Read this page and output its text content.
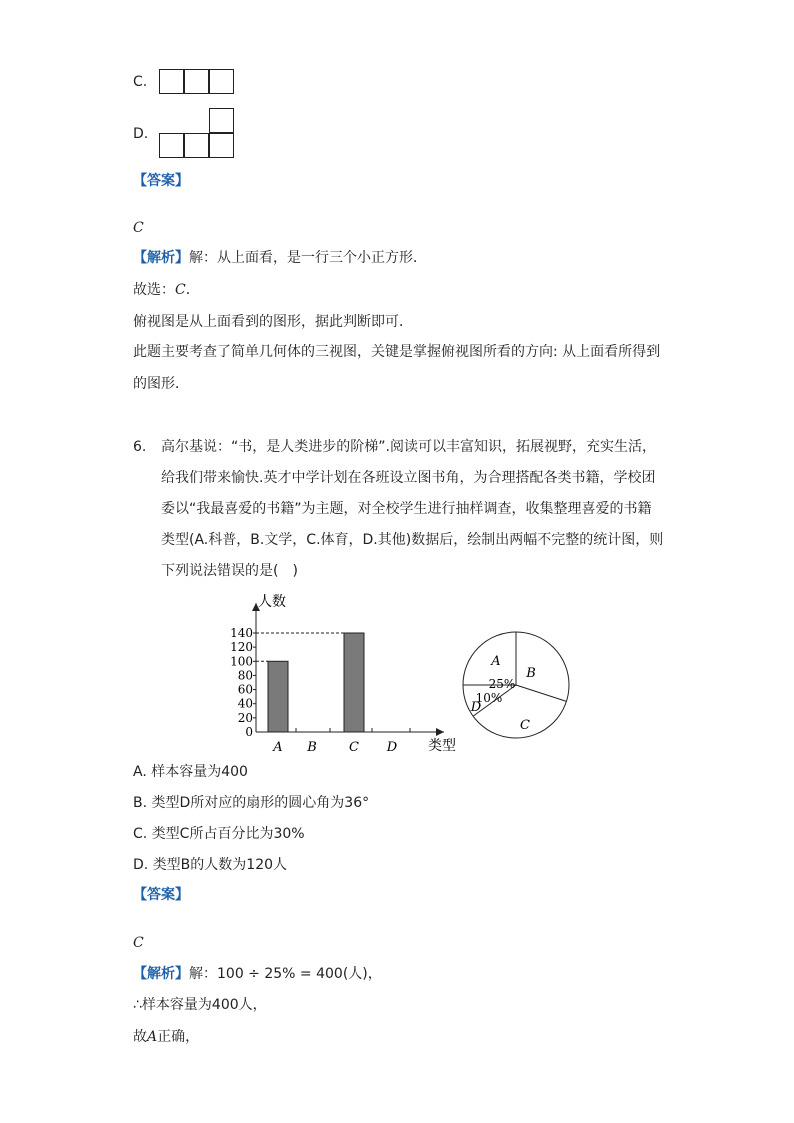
C.
D.
【答案】
C
【解析】解：从上面看，是一行三个小正方形．
故选：C．
俯视图是从上面看到的图形，据此判断即可．
此题主要考查了简单几何体的三视图，关键是掌握俯视图所看的方向: 从上面看所得到
的图形．
6. 高尔基说：“书，是人类进步的阶梯”.阅读可以丰富知识，拓展视野，充实生活，
给我们带来愉快.英才中学计划在各班设立图书角，为合理搭配各类书籍，学校团
委以“我最喜爱的书籍”为主题，对全校学生进行抽样调查，收集整理喜爱的书籍
类型(A.科普，B.文学，C.体育，D.其他)数据后，绘制出两幅不完整的统计图，则
下列说法错误的是(　)
人数
类型
0
20
40
60
80
100
120
140
A B C D
A
B
C
D
25%
10%
A. 样本容量为400
B. 类型D所对应的扇形的圆心角为36°
C. 类型C所占百分比为30%
D. 类型B的人数为120人
【答案】
C
【解析】解：100 ÷ 25% = 400(人)，
∴样本容量为400人，
故A正确，
